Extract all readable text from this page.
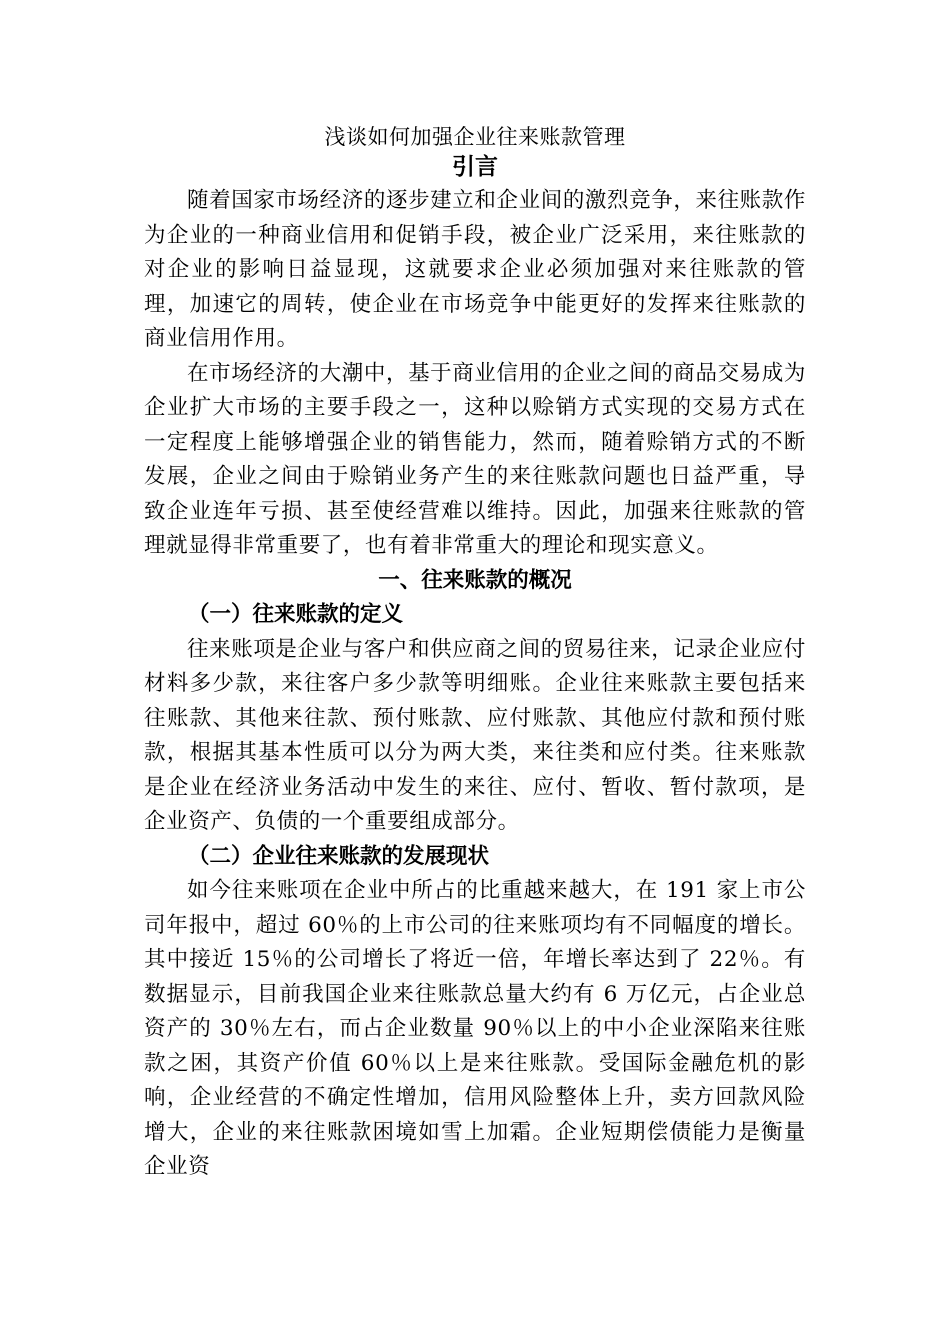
浅谈如何加强企业往来账款管理
引言

随着国家市场经济的逐步建立和企业间的激烈竞争，来往账款作为企业的一种商业信用和促销手段，被企业广泛采用，来往账款的对企业的影响日益显现，这就要求企业必须加强对来往账款的管理，加速它的周转，使企业在市场竞争中能更好的发挥来往账款的商业信用作用。

在市场经济的大潮中，基于商业信用的企业之间的商品交易成为企业扩大市场的主要手段之一，这种以赊销方式实现的交易方式在一定程度上能够增强企业的销售能力，然而，随着赊销方式的不断发展，企业之间由于赊销业务产生的来往账款问题也日益严重，导致企业连年亏损、甚至使经营难以维持。因此，加强来往账款的管理就显得非常重要了，也有着非常重大的理论和现实意义。

一、往来账款的概况
（一）往来账款的定义

往来账项是企业与客户和供应商之间的贸易往来，记录企业应付材料多少款，来往客户多少款等明细账。企业往来账款主要包括来往账款、其他来往款、预付账款、应付账款、其他应付款和预付账款，根据其基本性质可以分为两大类，来往类和应付类。往来账款是企业在经济业务活动中发生的来往、应付、暂收、暂付款项，是企业资产、负债的一个重要组成部分。

（二）企业往来账款的发展现状

如今往来账项在企业中所占的比重越来越大，在 191 家上市公司年报中，超过 60％的上市公司的往来账项均有不同幅度的增长。其中接近 15％的公司增长了将近一倍，年增长率达到了 22％。有数据显示，目前我国企业来往账款总量大约有 6 万亿元，占企业总资产的 30％左右，而占企业数量 90％以上的中小企业深陷来往账款之困，其资产价值 60％以上是来往账款。受国际金融危机的影响，企业经营的不确定性增加，信用风险整体上升，卖方回款风险增大，企业的来往账款困境如雪上加霜。企业短期偿债能力是衡量企业资
